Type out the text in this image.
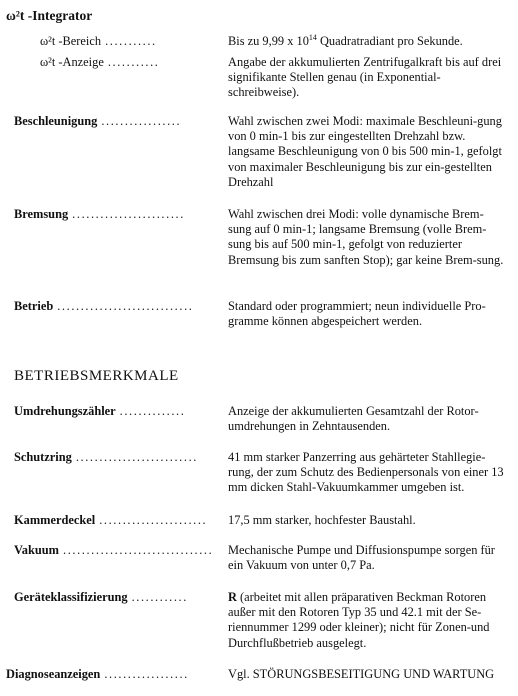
ω²t -Integrator
ω²t -Bereich ...........	Bis zu 9,99 x $10^{14}$ Quadratradiant pro Sekunde.
ω²t -Anzeige ...........	Angabe der akkumulierten Zentrifugalkraft bis auf drei signifikante Stellen genau (in Exponential-schreibweise).
Beschleunigung .................	Wahl zwischen zwei Modi: maximale Beschleuni-gung von 0 min-1 bis zur eingestellten Drehzahl bzw. langsame Beschleunigung von 0 bis 500 min-1, gefolgt von maximaler Beschleunigung bis zur ein-gestellten Drehzahl
Bremsung ........................	Wahl zwischen drei Modi: volle dynamische Brem-sung auf 0 min-1; langsame Bremsung (volle Brem-sung bis auf 500 min-1, gefolgt von reduzierter Bremsung bis zum sanften Stop); gar keine Brem-sung.
Betrieb .............................	Standard oder programmiert; neun individuelle Pro-gramme können abgespeichert werden.
BETRIEBSMERKMALE
Umdrehungszähler ..............	Anzeige der akkumulierten Gesamtzahl der Rotor-umdrehungen in Zehntausenden.
Schutzring .......................... 41 mm starker Panzerring aus gehärteter Stahllegie-rung, der zum Schutz des Bedienpersonals von einer 13 mm dicken Stahl-Vakuumkammer umgeben ist.
Kammerdeckel ....................... 17,5 mm starker, hochfester Baustahl.
Vakuum ................................ Mechanische Pumpe und Diffusionspumpe sorgen für ein Vakuum von unter 0,7 Pa.
Geräteklassifizierung ............	R (arbeitet mit allen präparativen Beckman Rotoren außer mit den Rotoren Typ 35 und 42.1 mit der Se-riennummer 1299 oder kleiner); nicht für Zonen-und Durchflußbetrieb ausgelegt.
Diagnoseanzeigen ..................	Vgl. STÖRUNGSBESEITIGUNG UND WARTUNG
